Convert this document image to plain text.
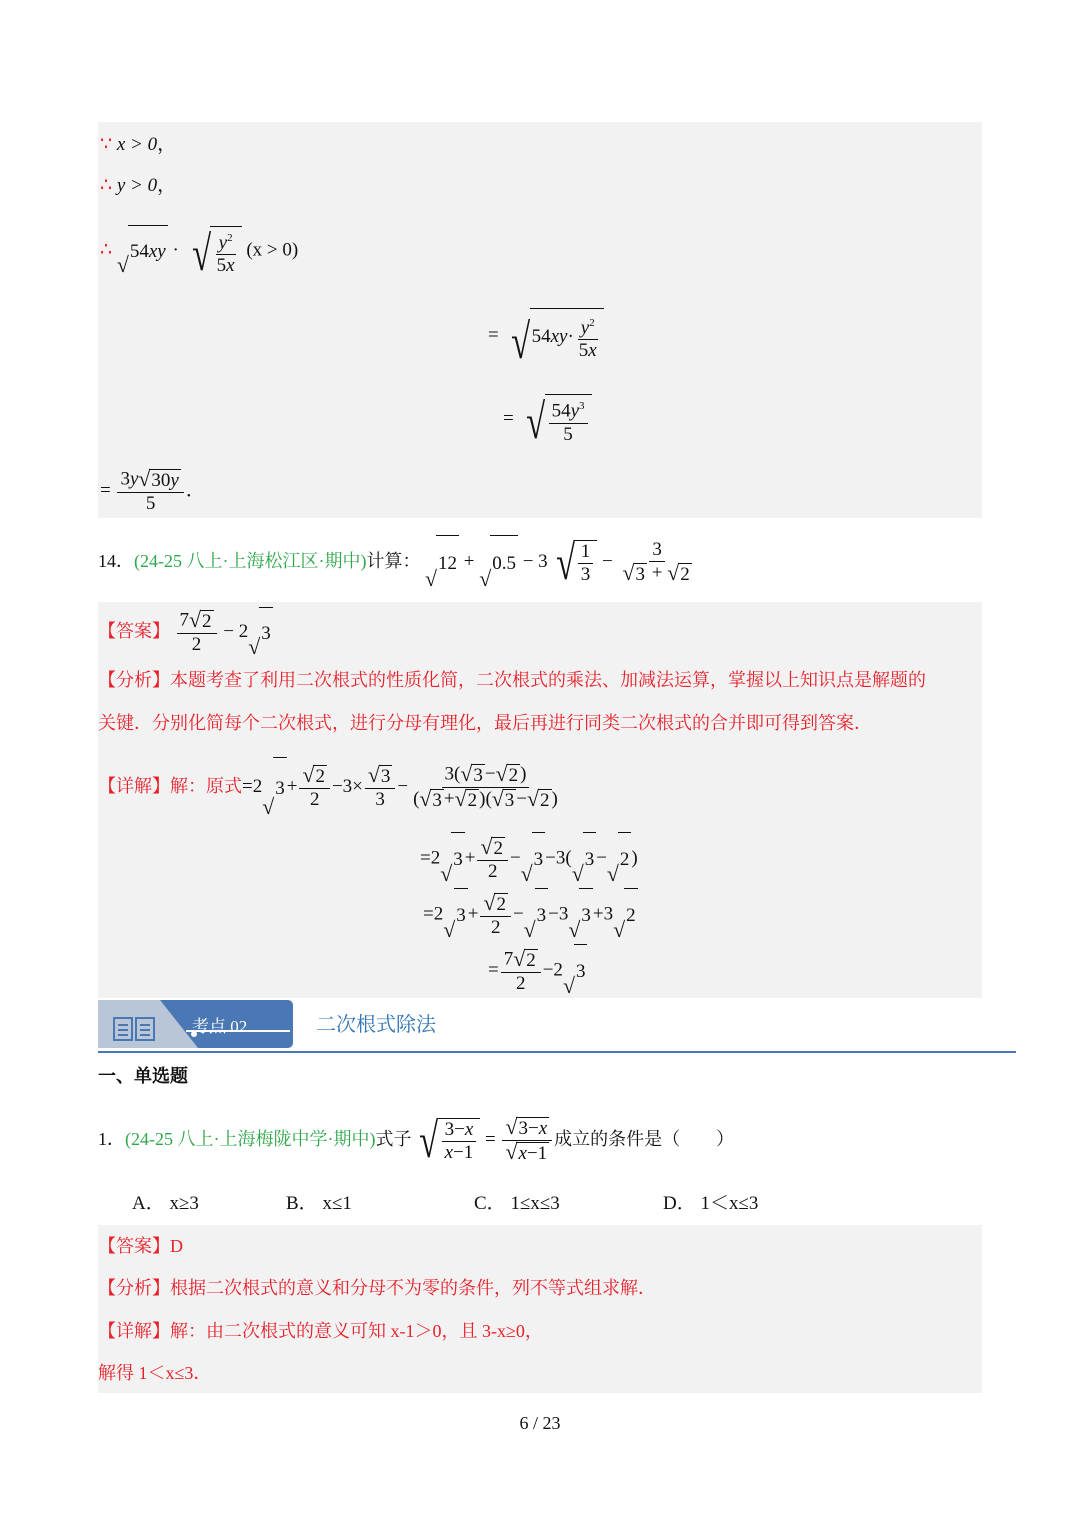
∵ x > 0，
∴ y > 0，
∴
√
54 xy · √ $\frac{y^2}{5x} (x > 0)$
= √ 54 xy · $\frac{y^2}{5x}$
= √ $\frac{54y^3}{5}$
= $\frac{3y √ 30 y}{5}$ ．
14．(24-25 八上·上海松江区·期中)计算：
√
12 +
√
0.5 − 3 √ $\frac{1}{3} - \frac{3}{√ 3 + √ 2}$
【答案】 $\frac{7 √ 2}{2} - 2$
√
3
【分析】本题考查了利用二次根式的性质化简，二次根式的乘法、加减法运算，掌握以上知识点是解题的
关键．分别化简每个二次根式，进行分母有理化，最后再进行同类二次根式的合并即可得到答案．
【详解】解：原式=2
√
$3 + \frac{√ 2}{2} -3\times \frac{√ 3}{3} - \frac{3( √ 3 - √ 2 )}{( √ 3 + √ 2 )( √ 3 - √ 2 )}$
=2
√
$3 + \frac{√ 2}{2}$ −
√
3 −3(
√
3 −
√
2 )
=2
√
$3 + \frac{√ 2}{2}$ −
√
3 −3
√
3 +3
√
2
= $\frac{7 √ 2}{2} -2$
√
3
考点 02	二次根式除法
一、单选题
1．(24-25 八上·上海梅陇中学·期中)式子 √ $\frac{3-x}{x-1} = \frac{√ 3- x}{√ x -1}$ 成立的条件是（　　）
A． x≥3	B． x≤1	C． 1≤x≤3	D． 1＜x≤3
【答案】D
【分析】根据二次根式的意义和分母不为零的条件，列不等式组求解．
【详解】解：由二次根式的意义可知 x-1＞0，且 3-x≥0，
解得 1＜x≤3．
6 / 23
